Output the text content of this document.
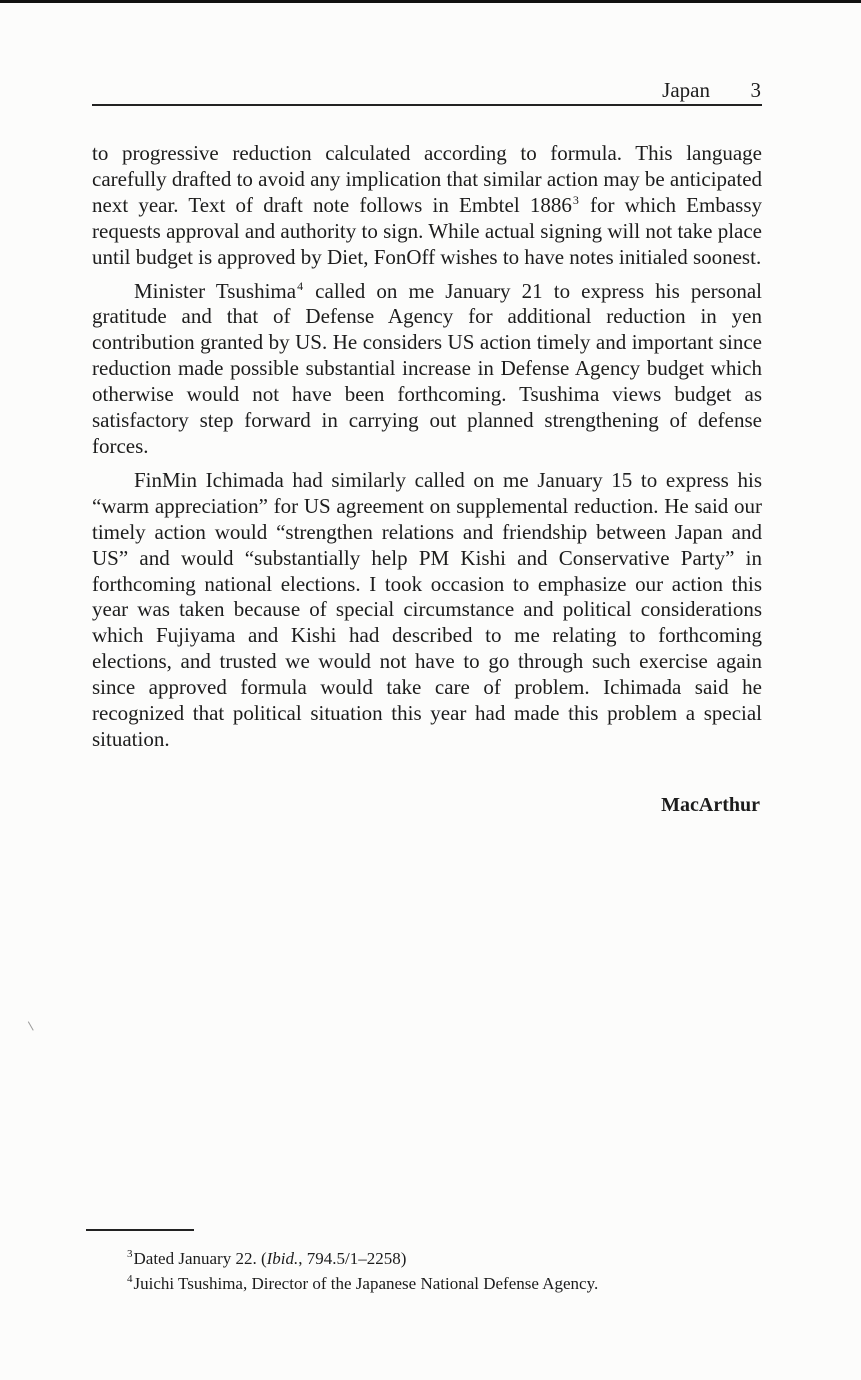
Japan 3

to progressive reduction calculated according to formula. This language carefully drafted to avoid any implication that similar action may be anticipated next year. Text of draft note follows in Embtel 1886$^3$ for which Embassy requests approval and authority to sign. While actual signing will not take place until budget is approved by Diet, FonOff wishes to have notes initialed soonest.

Minister Tsushima$^4$ called on me January 21 to express his personal gratitude and that of Defense Agency for additional reduction in yen contribution granted by US. He considers US action timely and important since reduction made possible substantial increase in Defense Agency budget which otherwise would not have been forthcoming. Tsushima views budget as satisfactory step forward in carrying out planned strengthening of defense forces.

FinMin Ichimada had similarly called on me January 15 to express his “warm appreciation” for US agreement on supplemental reduction. He said our timely action would “strengthen relations and friendship between Japan and US” and would “substantially help PM Kishi and Conservative Party” in forthcoming national elections. I took occasion to emphasize our action this year was taken because of special circumstance and political considerations which Fujiyama and Kishi had described to me relating to forthcoming elections, and trusted we would not have to go through such exercise again since approved formula would take care of problem. Ichimada said he recognized that political situation this year had made this problem a special situation.

MacArthur
$^3$Dated January 22. (Ibid., 794.5/1–2258)
$^4$Juichi Tsushima, Director of the Japanese National Defense Agency.
